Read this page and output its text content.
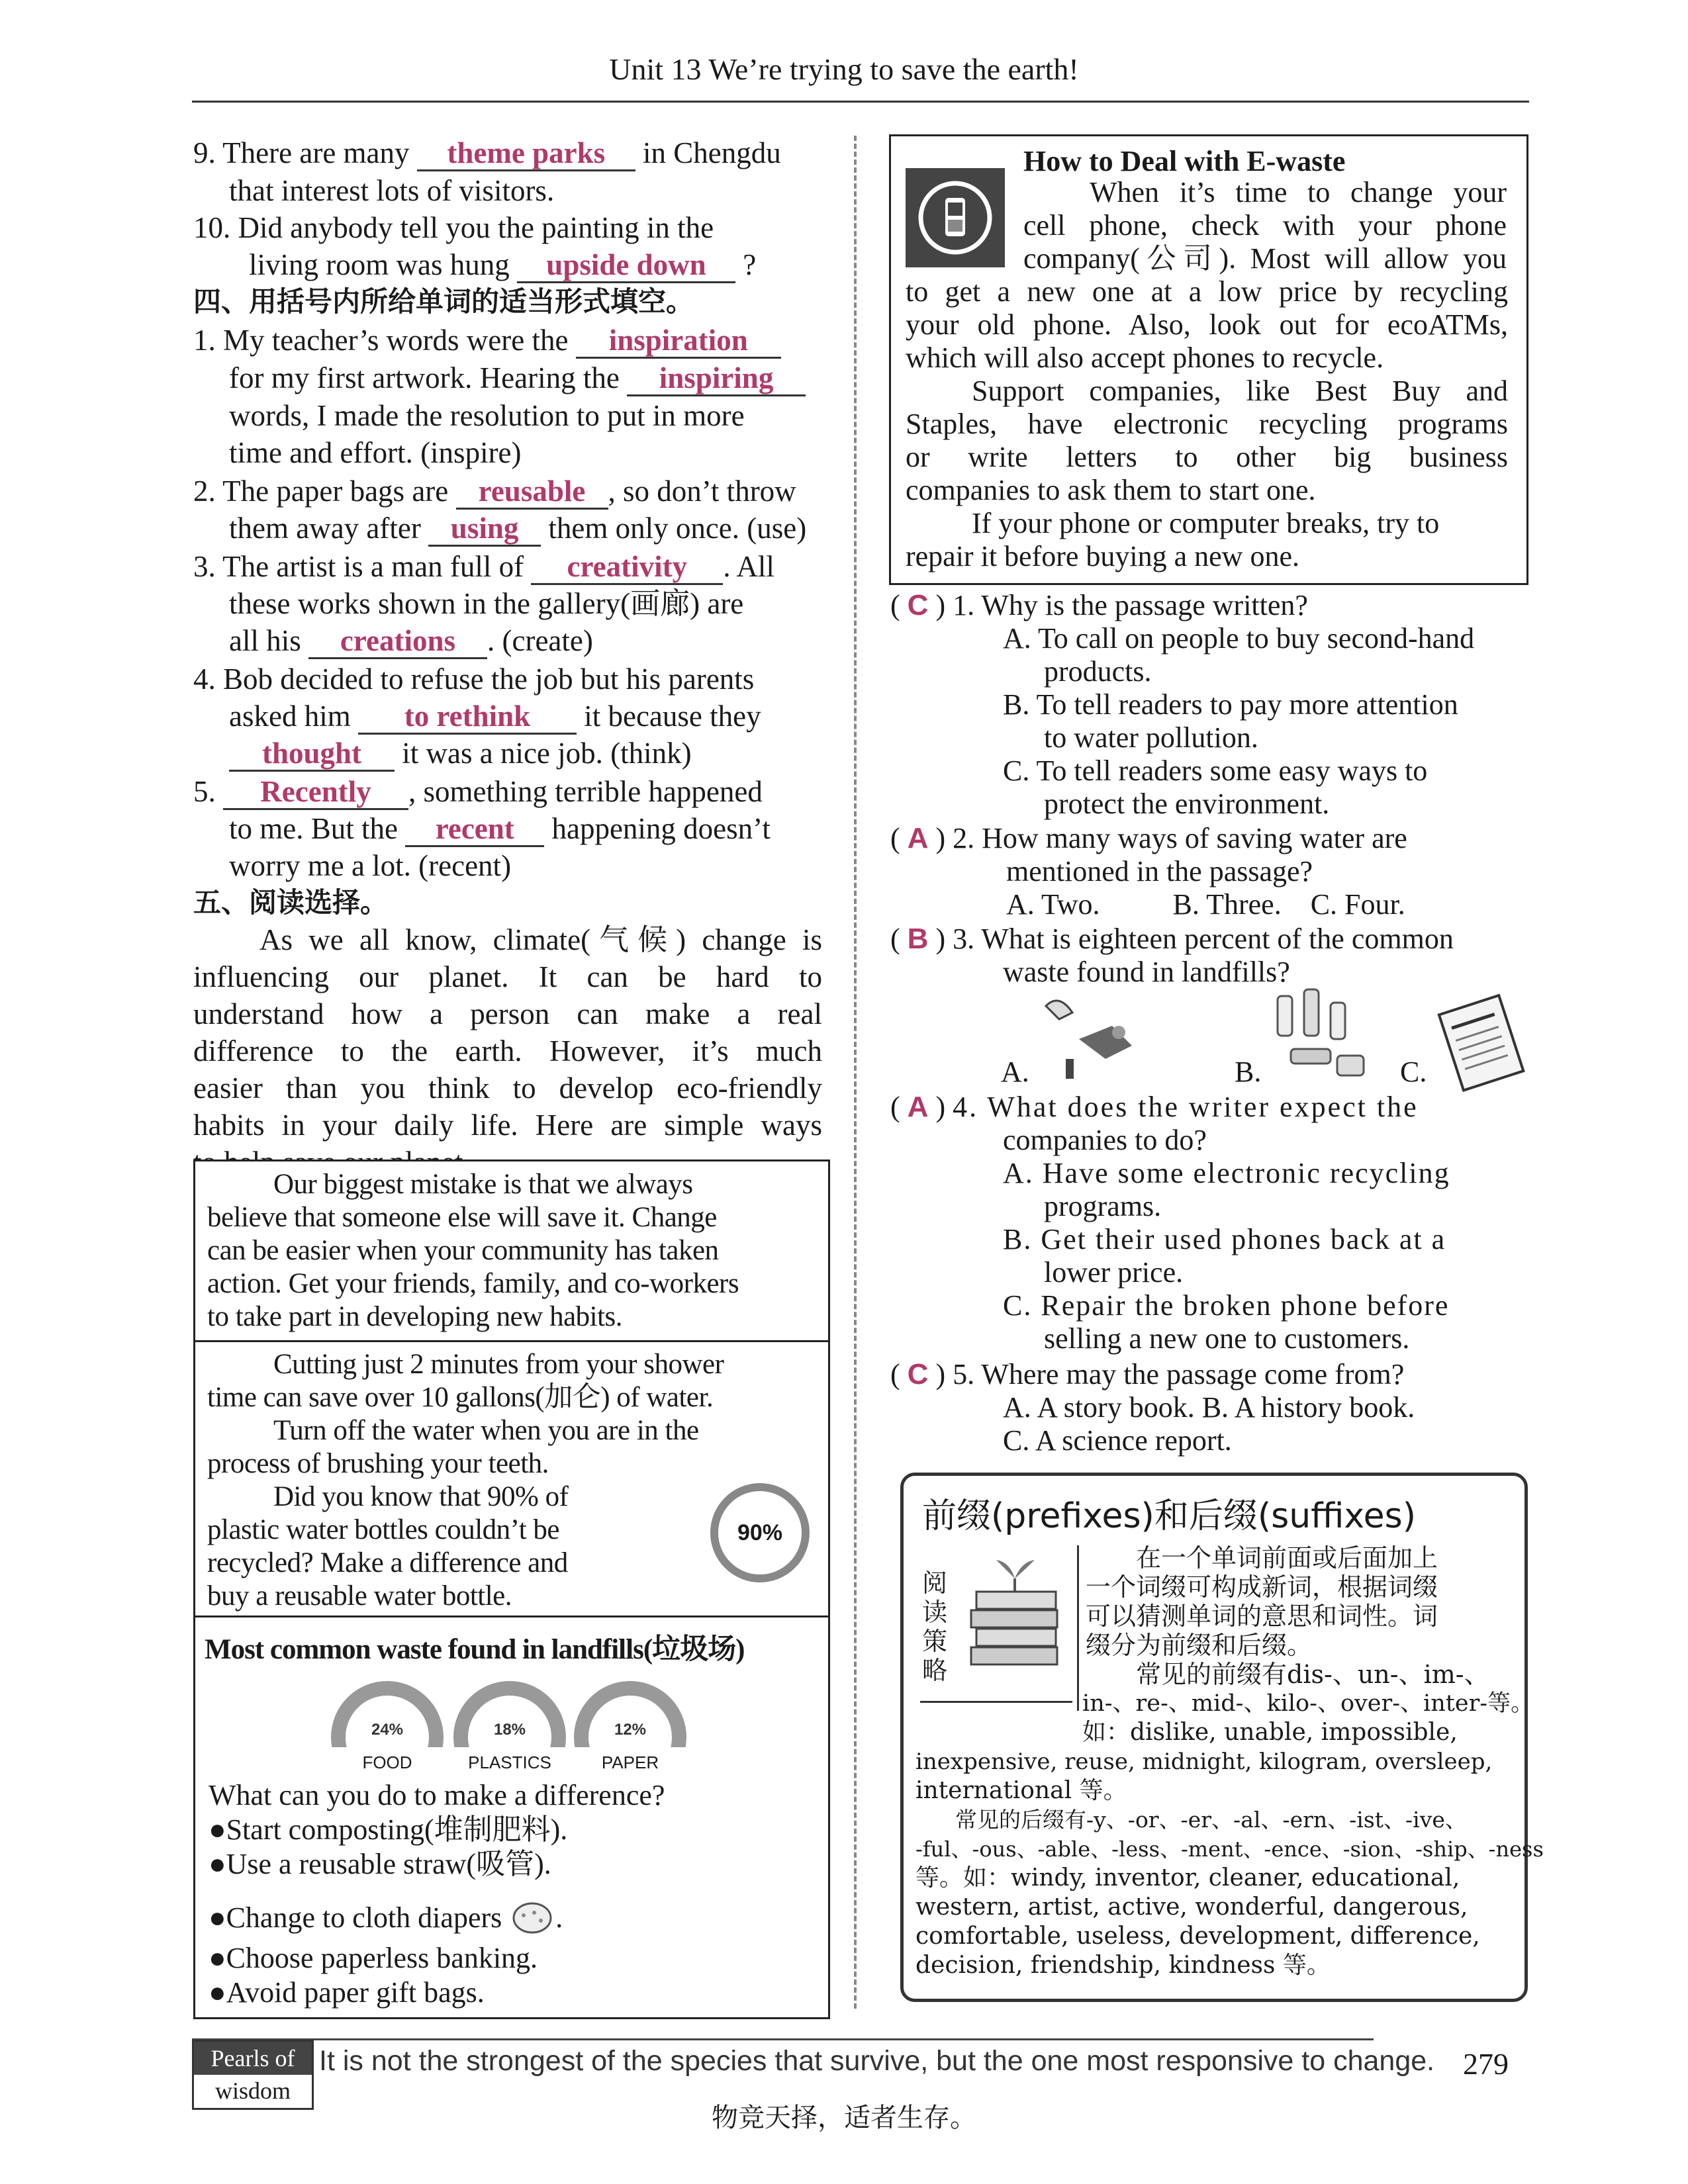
Unit 13 We’re trying to save the earth!
9. There are many theme parks in Chengdu
that interest lots of visitors.
10. Did anybody tell you the painting in the
living room was hung upside down ?
四、用括号内所给单词的适当形式填空。
1. My teacher’s words were the inspiration
for my first artwork. Hearing the inspiring
words, I made the resolution to put in more
time and effort. (inspire)
2. The paper bags are reusable , so don’t throw
them away after using them only once. (use)
3. The artist is a man full of creativity . All
these works shown in the gallery(画廊) are
all his creations . (create)
4. Bob decided to refuse the job but his parents
asked him to rethink it because they
thought it was a nice job. (think)
5. Recently , something terrible happened
to me. But the recent happening doesn’t
worry me a lot. (recent)
五、阅读选择。
As we all know, climate(气候) change is
influencing our planet. It can be hard to
understand how a person can make a real
difference to the earth. However, it’s much
easier than you think to develop eco-friendly
habits in your daily life. Here are simple ways
Our biggest mistake is that we always
believe that someone else will save it. Change
can be easier when your community has taken
action. Get your friends, family, and co-workers
to take part in developing new habits.
Cutting just 2 minutes from your shower
time can save over 10 gallons(加仑) of water.
Turn off the water when you are in the
process of brushing your teeth.
Did you know that 90% of
plastic water bottles couldn’t be
recycled? Make a difference and
buy a reusable water bottle.
90%
Most common waste found in landfills(垃圾场)
24%
FOOD
18%
PLASTICS
12%
PAPER
What can you do to make a difference?
●Start composting(堆制肥料).
●Use a reusable straw(吸管).
●Change to cloth diapers .
●Choose paperless banking.
●Avoid paper gift bags.
How to Deal with E-waste
When it’s time to change your
cell phone, check with your phone
company(公司). Most will allow you
to get a new one at a low price by recycling
your old phone. Also, look out for ecoATMs,
which will also accept phones to recycle.
Support companies, like Best Buy and
Staples, have electronic recycling programs
or write letters to other big business
companies to ask them to start one.
If your phone or computer breaks, try to
repair it before buying a new one.
( C ) 1. Why is the passage written?
A. To call on people to buy second-hand
products.
B. To tell readers to pay more attention
to water pollution.
C. To tell readers some easy ways to
protect the environment.
( A ) 2. How many ways of saving water are
mentioned in the passage?
A. Two.          B. Three.    C. Four.
( B ) 3. What is eighteen percent of the common
waste found in landfills?
A.	B.	C.
( A ) 4. What does the writer expect the
companies to do?
A. Have some electronic recycling
programs.
B. Get their used phones back at a
lower price.
C. Repair the broken phone before
selling a new one to customers.
( C ) 5. Where may the passage come from?
A. A story book. B. A history book.
C. A science report.
前缀(prefixes)和后缀(suffixes)
阅
读
策
略
在一个单词前面或后面加上
一个词缀可构成新词，根据词缀
可以猜测单词的意思和词性。词
缀分为前缀和后缀。
常见的前缀有dis-、un-、im-、
in-、re-、mid-、kilo-、over-、inter-等。
如：dislike, unable, impossible,
inexpensive, reuse, midnight, kilogram, oversleep,
international 等。
常见的后缀有-y、-or、-er、-al、-ern、-ist、-ive、
-ful、-ous、-able、-less、-ment、-ence、-sion、-ship、-ness
等。如：windy, inventor, cleaner, educational,
western, artist, active, wonderful, dangerous,
comfortable, useless, development, difference,
decision, friendship, kindness 等。
Pearls of
wisdom
It is not the strongest of the species that survive, but the one most responsive to change. 279
物竞天择，适者生存。
